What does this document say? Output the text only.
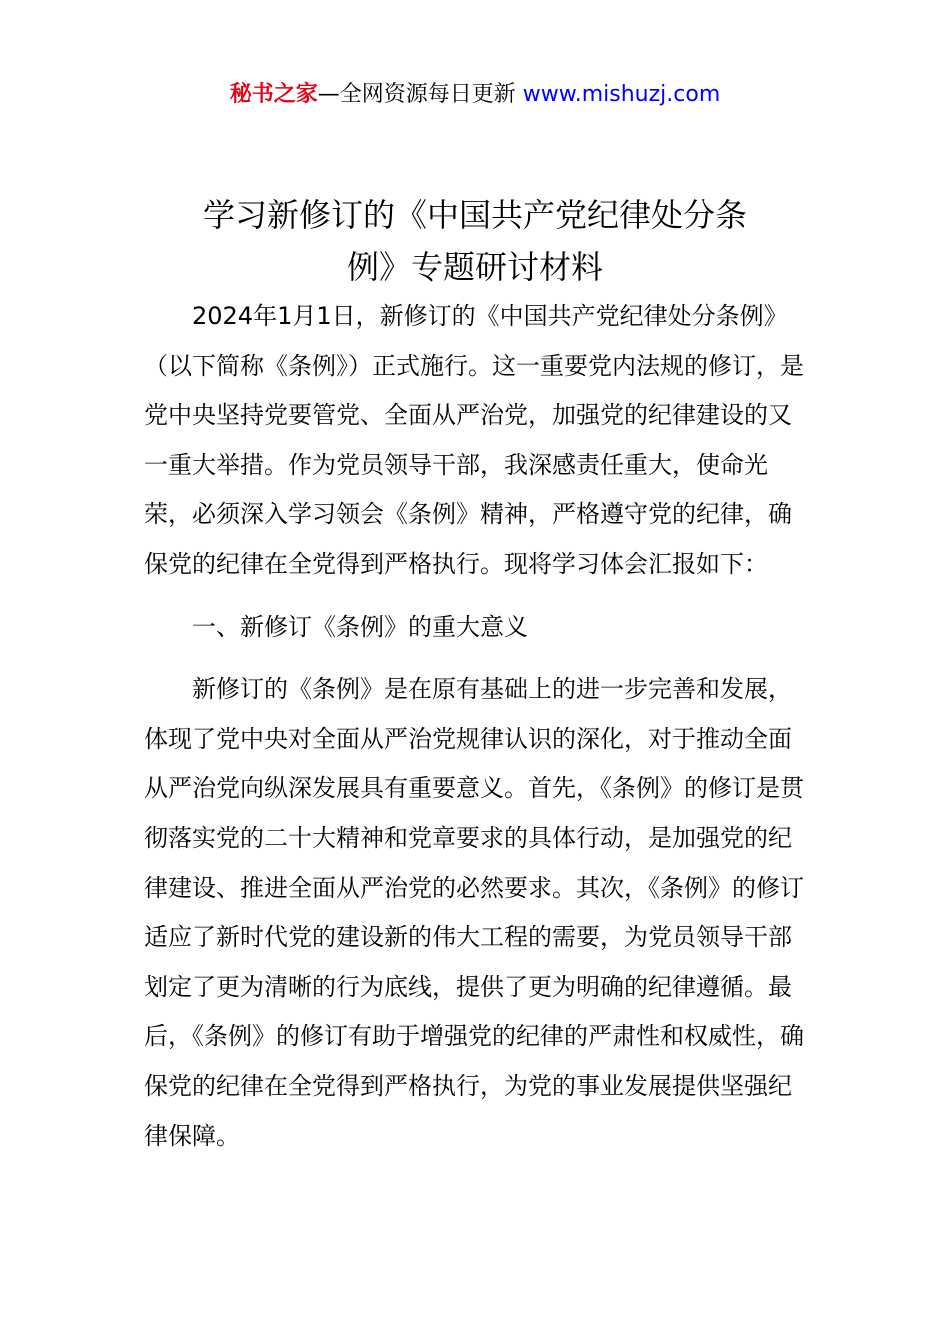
秘书之家—全网资源每日更新 www.mishuzj.com
学习新修订的《中国共产党纪律处分条
例》专题研讨材料

2024年1月1日，新修订的《中国共产党纪律处分条例》（以下简称《条例》）正式施行。这一重要党内法规的修订，是党中央坚持党要管党、全面从严治党，加强党的纪律建设的又一重大举措。作为党员领导干部，我深感责任重大，使命光荣，必须深入学习领会《条例》精神，严格遵守党的纪律，确保党的纪律在全党得到严格执行。现将学习体会汇报如下：

一、新修订《条例》的重大意义

新修订的《条例》是在原有基础上的进一步完善和发展，体现了党中央对全面从严治党规律认识的深化，对于推动全面从严治党向纵深发展具有重要意义。首先，《条例》的修订是贯彻落实党的二十大精神和党章要求的具体行动，是加强党的纪律建设、推进全面从严治党的必然要求。其次，《条例》的修订适应了新时代党的建设新的伟大工程的需要，为党员领导干部划定了更为清晰的行为底线，提供了更为明确的纪律遵循。最后，《条例》的修订有助于增强党的纪律的严肃性和权威性，确保党的纪律在全党得到严格执行，为党的事业发展提供坚强纪律保障。
